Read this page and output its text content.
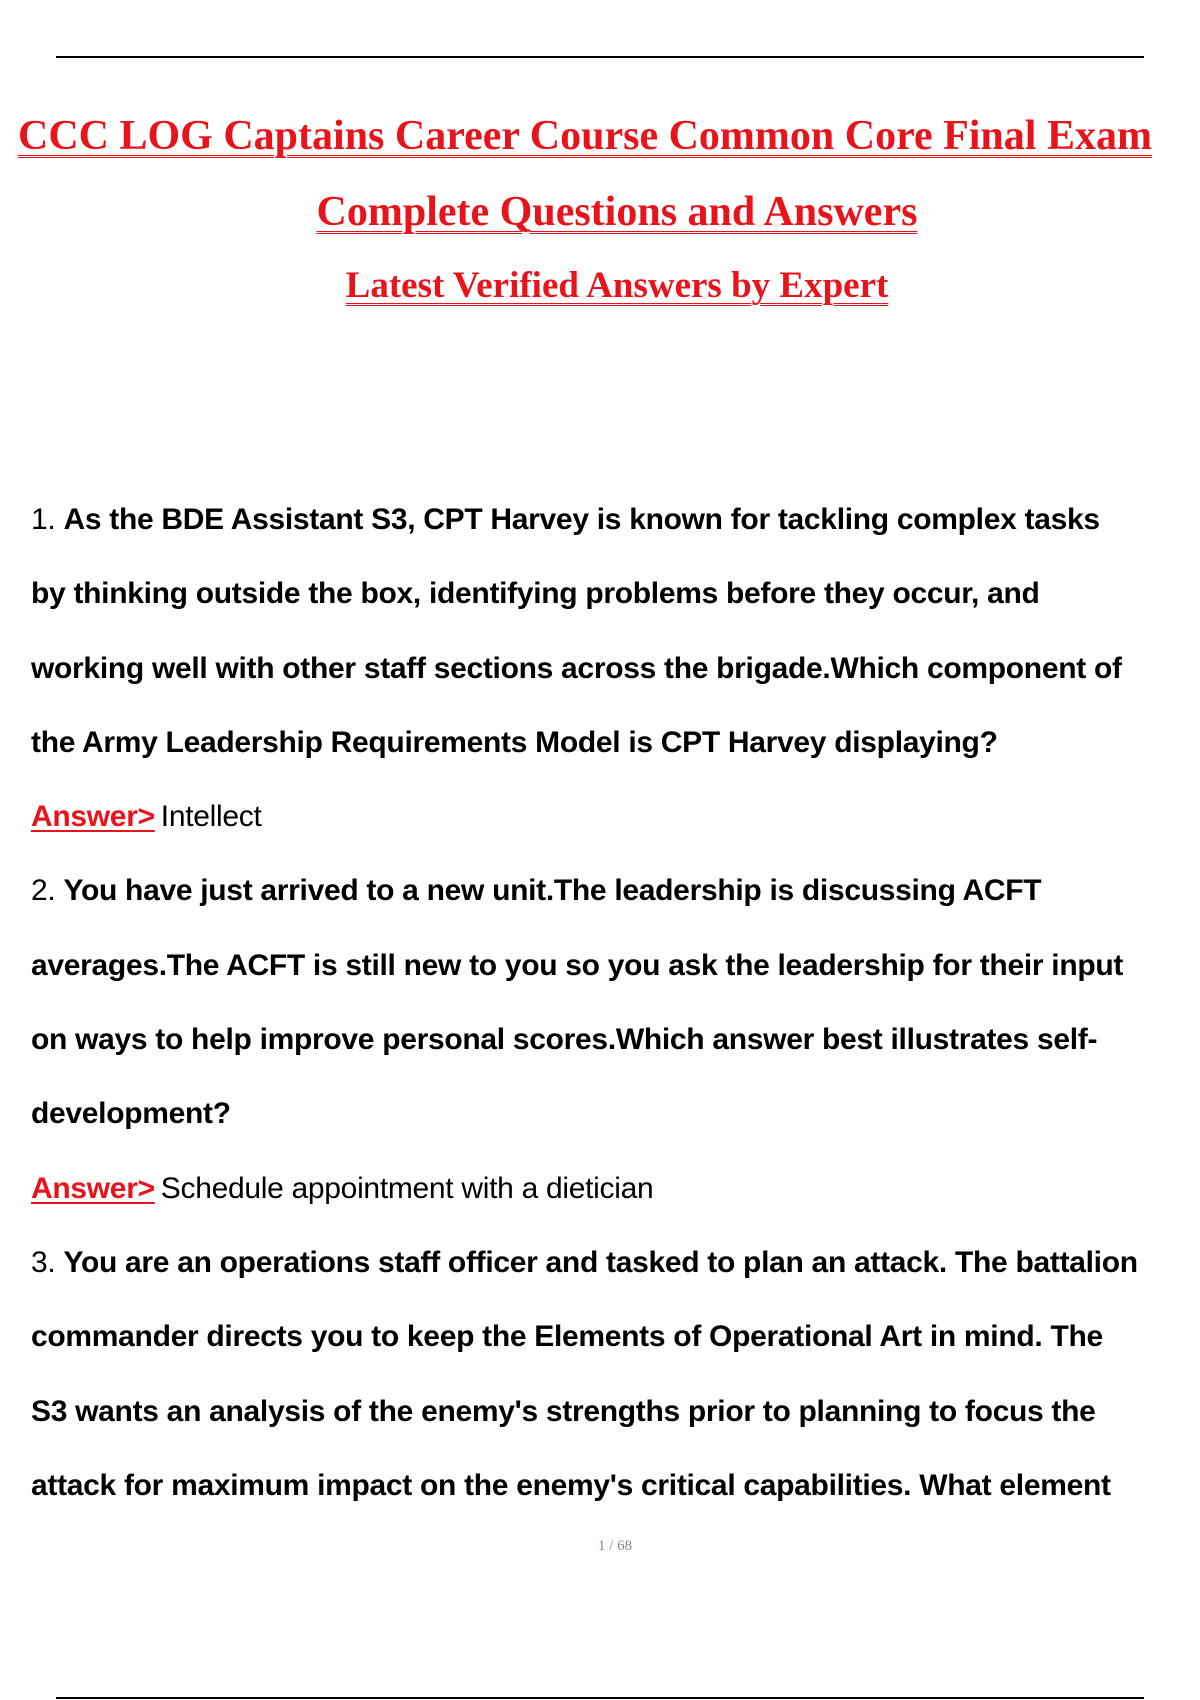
CCC LOG Captains Career Course Common Core Final Exam
Complete Questions and Answers
Latest Verified Answers by Expert
1. As the BDE Assistant S3, CPT Harvey is known for tackling complex tasks
by thinking outside the box, identifying problems before they occur, and
working well with other staff sections across the brigade.Which component of
the Army Leadership Requirements Model is CPT Harvey displaying?
Answer> Intellect
2. You have just arrived to a new unit.The leadership is discussing ACFT
averages.The ACFT is still new to you so you ask the leadership for their input
on ways to help improve personal scores.Which answer best illustrates self-
development?
Answer> Schedule appointment with a dietician
3. You are an operations staff officer and tasked to plan an attack. The battalion
commander directs you to keep the Elements of Operational Art in mind. The
S3 wants an analysis of the enemy's strengths prior to planning to focus the
attack for maximum impact on the enemy's critical capabilities. What element
1 / 68
